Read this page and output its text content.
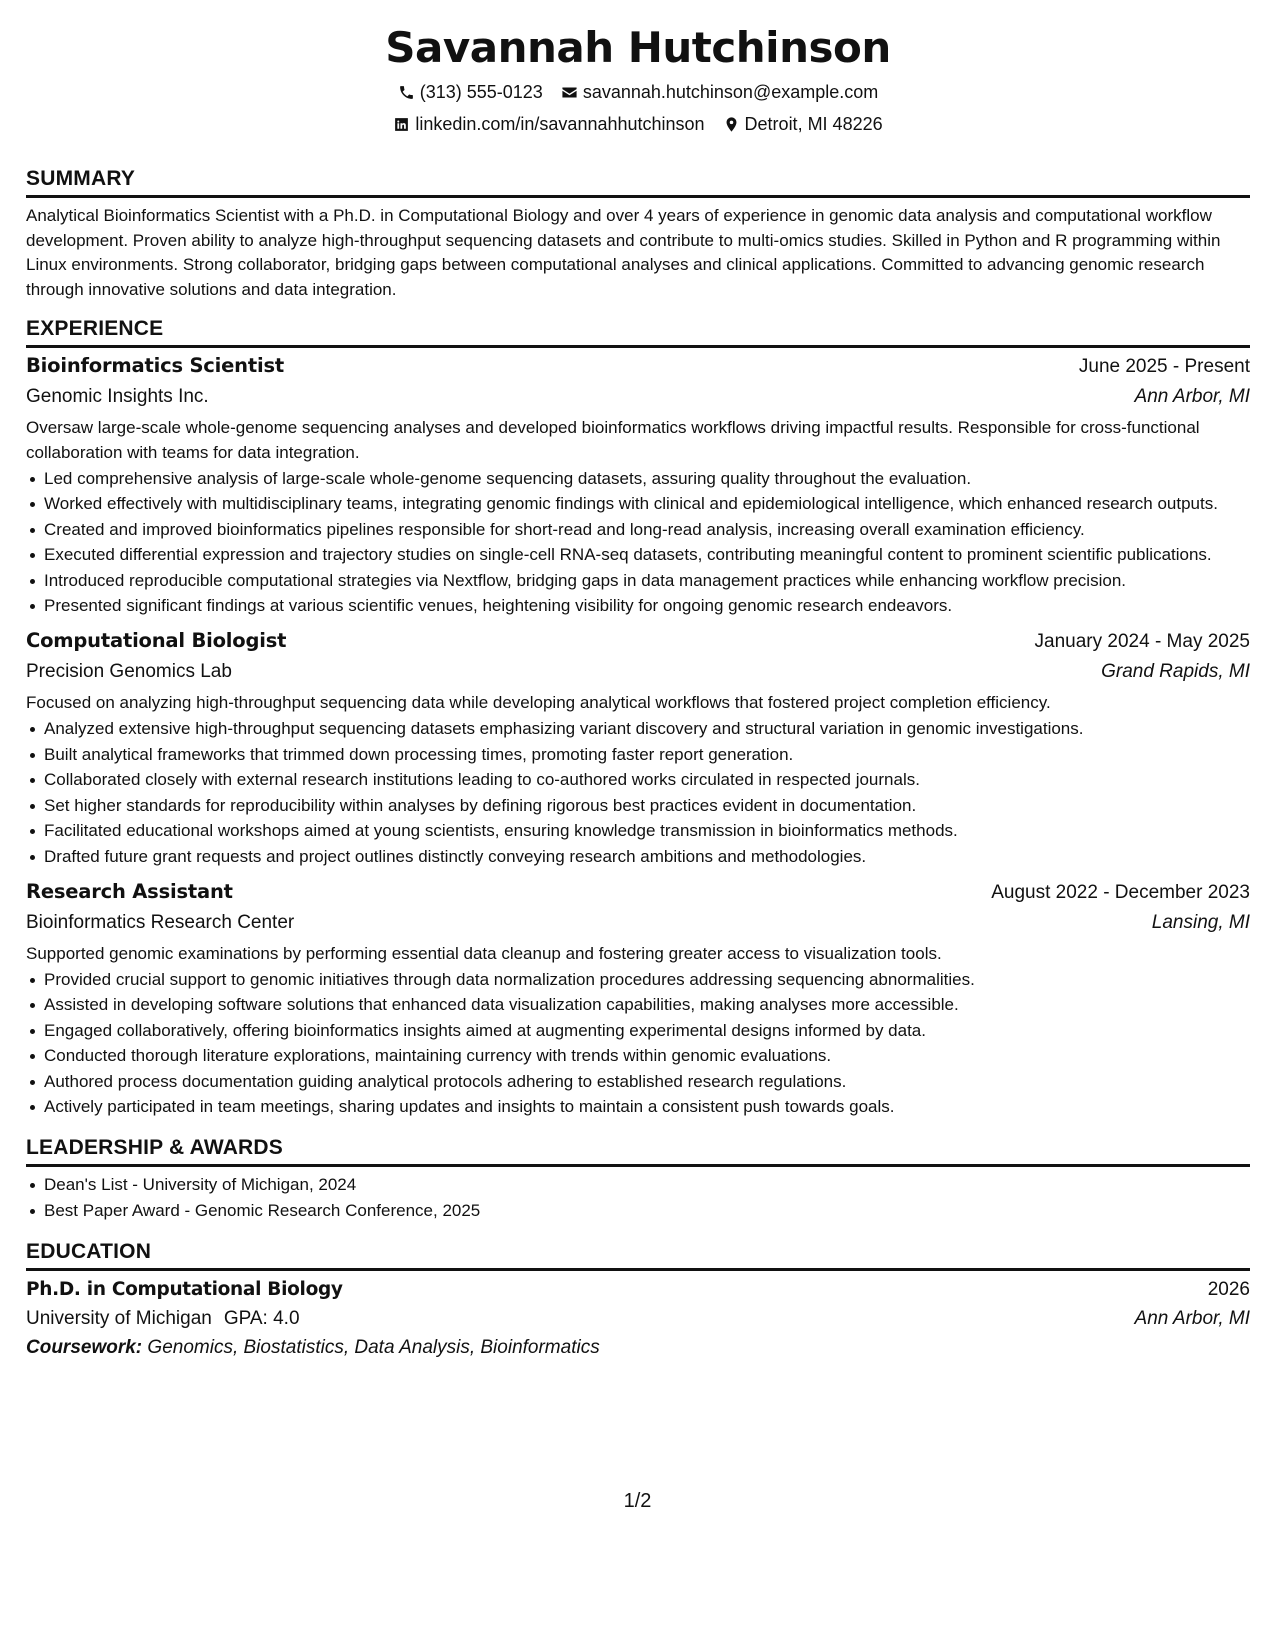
Savannah Hutchinson
(313) 555-0123 savannah.hutchinson@example.com
linkedin.com/in/savannahhutchinson Detroit, MI 48226
SUMMARY
Analytical Bioinformatics Scientist with a Ph.D. in Computational Biology and over 4 years of experience in genomic data analysis and computational workflow development. Proven ability to analyze high-throughput sequencing datasets and contribute to multi-omics studies. Skilled in Python and R programming within Linux environments. Strong collaborator, bridging gaps between computational analyses and clinical applications. Committed to advancing genomic research through innovative solutions and data integration.
EXPERIENCE
Bioinformatics Scientist	June 2025 - Present
Genomic Insights Inc.	Ann Arbor, MI
Oversaw large-scale whole-genome sequencing analyses and developed bioinformatics workflows driving impactful results. Responsible for cross-functional collaboration with teams for data integration.
Led comprehensive analysis of large-scale whole-genome sequencing datasets, assuring quality throughout the evaluation.
Worked effectively with multidisciplinary teams, integrating genomic findings with clinical and epidemiological intelligence, which enhanced research outputs.
Created and improved bioinformatics pipelines responsible for short-read and long-read analysis, increasing overall examination efficiency.
Executed differential expression and trajectory studies on single-cell RNA-seq datasets, contributing meaningful content to prominent scientific publications.
Introduced reproducible computational strategies via Nextflow, bridging gaps in data management practices while enhancing workflow precision.
Presented significant findings at various scientific venues, heightening visibility for ongoing genomic research endeavors.
Computational Biologist	January 2024 - May 2025
Precision Genomics Lab	Grand Rapids, MI
Focused on analyzing high-throughput sequencing data while developing analytical workflows that fostered project completion efficiency.
Analyzed extensive high-throughput sequencing datasets emphasizing variant discovery and structural variation in genomic investigations.
Built analytical frameworks that trimmed down processing times, promoting faster report generation.
Collaborated closely with external research institutions leading to co-authored works circulated in respected journals.
Set higher standards for reproducibility within analyses by defining rigorous best practices evident in documentation.
Facilitated educational workshops aimed at young scientists, ensuring knowledge transmission in bioinformatics methods.
Drafted future grant requests and project outlines distinctly conveying research ambitions and methodologies.
Research Assistant	August 2022 - December 2023
Bioinformatics Research Center	Lansing, MI
Supported genomic examinations by performing essential data cleanup and fostering greater access to visualization tools.
Provided crucial support to genomic initiatives through data normalization procedures addressing sequencing abnormalities.
Assisted in developing software solutions that enhanced data visualization capabilities, making analyses more accessible.
Engaged collaboratively, offering bioinformatics insights aimed at augmenting experimental designs informed by data.
Conducted thorough literature explorations, maintaining currency with trends within genomic evaluations.
Authored process documentation guiding analytical protocols adhering to established research regulations.
Actively participated in team meetings, sharing updates and insights to maintain a consistent push towards goals.
LEADERSHIP & AWARDS
Dean's List - University of Michigan, 2024
Best Paper Award - Genomic Research Conference, 2025
EDUCATION
Ph.D. in Computational Biology	2026
University of Michigan GPA: 4.0	Ann Arbor, MI
Coursework: Genomics, Biostatistics, Data Analysis, Bioinformatics
1/2
